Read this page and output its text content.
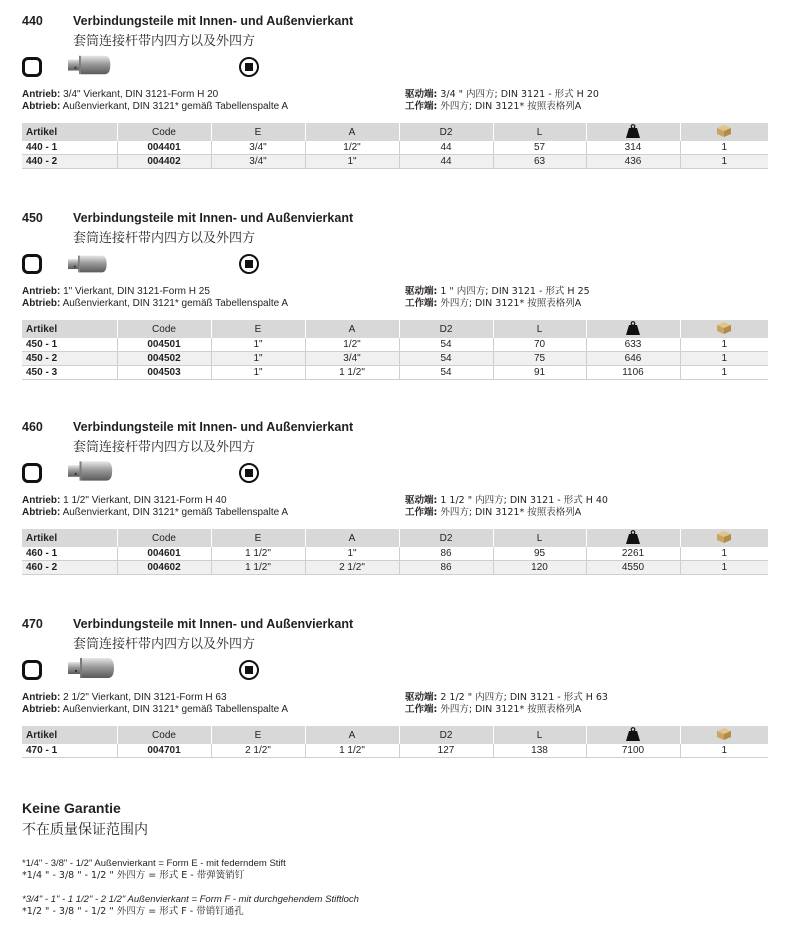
440 Verbindungsteile mit Innen- und Außenvierkant
套筒连接杆带内四方以及外四方
Antrieb: 3/4" Vierkant, DIN 3121-Form H 20
Abtrieb: Außenvierkant, DIN 3121* gemäß Tabellenspalte A
驱动端: 3/4 " 内四方; DIN 3121 - 形式 H 20
工作端: 外四方; DIN 3121* 按照表格列A
Artikel	Code	E	A	D2	L		
440 - 1	004401	3/4"	1/2"	44	57	314	1
440 - 2	004402	3/4"	1"	44	63	436	1
450 Verbindungsteile mit Innen- und Außenvierkant
套筒连接杆带内四方以及外四方
Antrieb: 1" Vierkant, DIN 3121-Form H 25
Abtrieb: Außenvierkant, DIN 3121* gemäß Tabellenspalte A
驱动端: 1 " 内四方; DIN 3121 - 形式 H 25
工作端: 外四方; DIN 3121* 按照表格列A
Artikel	Code	E	A	D2	L		
450 - 1	004501	1"	1/2"	54	70	633	1
450 - 2	004502	1"	3/4"	54	75	646	1
450 - 3	004503	1"	1 1/2"	54	91	1106	1
460 Verbindungsteile mit Innen- und Außenvierkant
套筒连接杆带内四方以及外四方
Antrieb: 1 1/2" Vierkant, DIN 3121-Form H 40
Abtrieb: Außenvierkant, DIN 3121* gemäß Tabellenspalte A
驱动端: 1 1/2 " 内四方; DIN 3121 - 形式 H 40
工作端: 外四方; DIN 3121* 按照表格列A
Artikel	Code	E	A	D2	L		
460 - 1	004601	1 1/2"	1"	86	95	2261	1
460 - 2	004602	1 1/2"	2 1/2"	86	120	4550	1
470 Verbindungsteile mit Innen- und Außenvierkant
套筒连接杆带内四方以及外四方
Antrieb: 2 1/2" Vierkant, DIN 3121-Form H 63
Abtrieb: Außenvierkant, DIN 3121* gemäß Tabellenspalte A
驱动端: 2 1/2 " 内四方; DIN 3121 - 形式 H 63
工作端: 外四方; DIN 3121* 按照表格列A
Artikel	Code	E	A	D2	L		
470 - 1	004701	2 1/2"	1 1/2"	127	138	7100	1
Keine Garantie
不在质量保证范围内
*1/4" - 3/8" - 1/2" Außenvierkant = Form E - mit federndem Stift
*1/4 " - 3/8 " - 1/2 " 外四方 = 形式 E - 带弹簧销钉
*3/4" - 1" - 1 1/2" - 2 1/2" Außenvierkant = Form F - mit durchgehendem Stiftloch
*1/2 " - 3/8 " - 1/2 " 外四方 = 形式 F - 带销钉通孔
